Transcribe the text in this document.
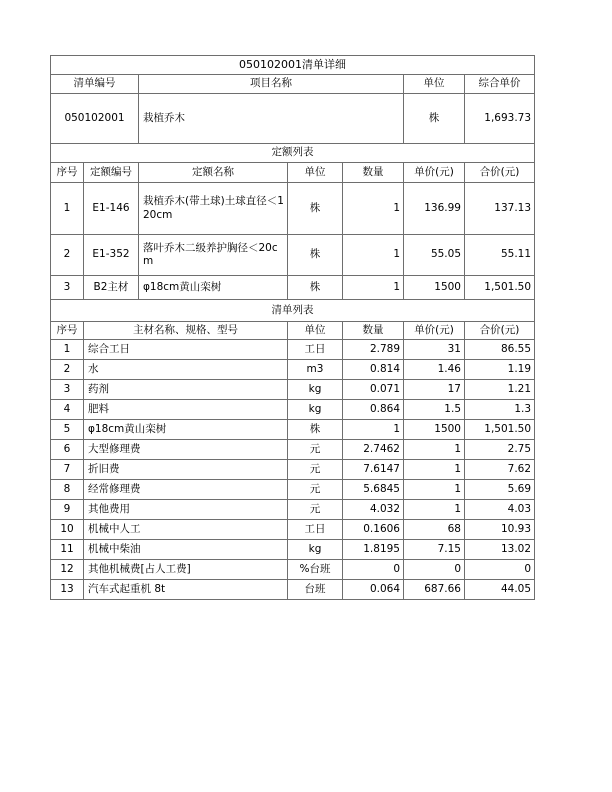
050102001清单详细						
清单编号		项目名称			单位	综合单价
050102001		栽植乔木			株	1,693.73
定额列表						
序号	定额编号	定额名称	单位	数量	单价(元)	合价(元)
1	E1-146	栽植乔木(带土球)土球直径＜120cm	株	1	136.99	137.13
2	E1-352	落叶乔木二级养护胸径＜20cm	株	1	55.05	55.11
3	B2主材	φ18cm黄山栾树	株	1	1500	1,501.50
清单列表						
序号	主材名称、规格、型号		单位	数量	单价(元)	合价(元)
1	综合工日		工日	2.789	31	86.55
2	水		m3	0.814	1.46	1.19
3	药剂		kg	0.071	17	1.21
4	肥料		kg	0.864	1.5	1.3
5	φ18cm黄山栾树		株	1	1500	1,501.50
6	大型修理费		元	2.7462	1	2.75
7	折旧费		元	7.6147	1	7.62
8	经常修理费		元	5.6845	1	5.69
9	其他费用		元	4.032	1	4.03
10	机械中人工		工日	0.1606	68	10.93
11	机械中柴油		kg	1.8195	7.15	13.02
12	其他机械费[占人工费]		%台班	0	0	0
13	汽车式起重机 8t		台班	0.064	687.66	44.05
